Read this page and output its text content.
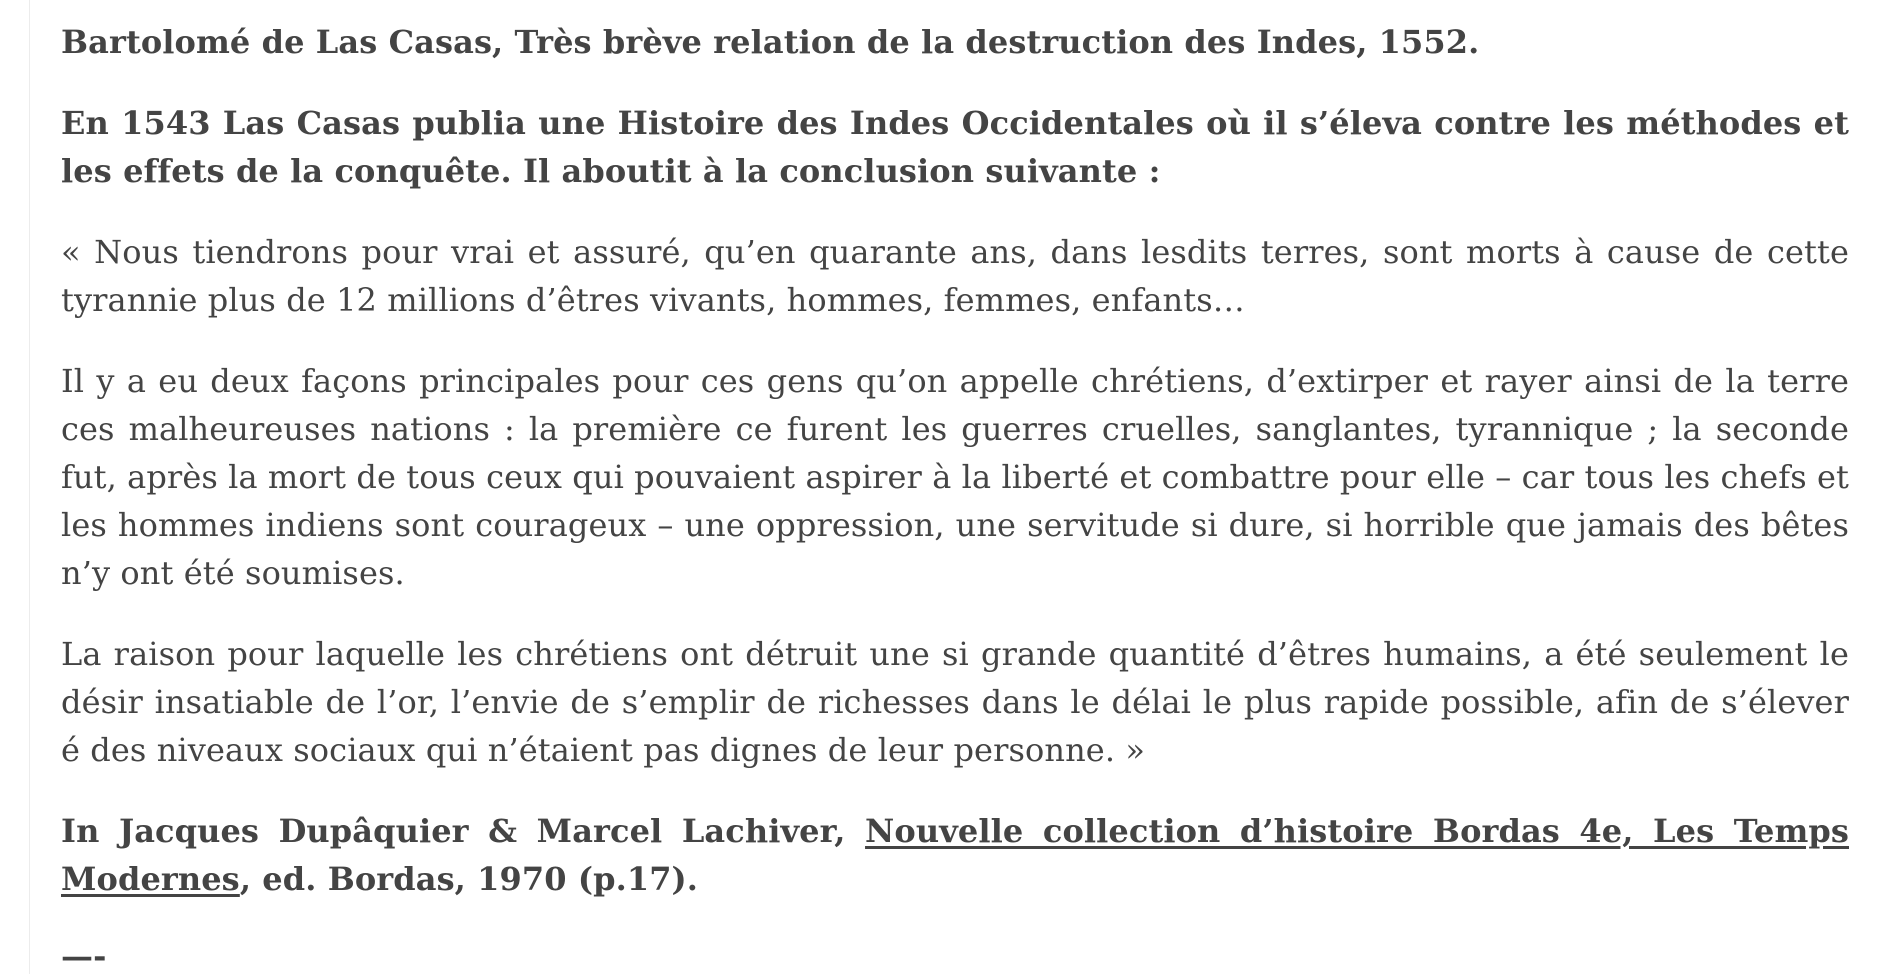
Bartolomé de Las Casas, Très brève relation de la destruction des Indes, 1552.

En 1543 Las Casas publia une Histoire des Indes Occidentales où il s’éleva contre les méthodes et les effets de la conquête. Il aboutit à la conclusion suivante :

« Nous tiendrons pour vrai et assuré, qu’en quarante ans, dans lesdits terres, sont morts à cause de cette tyrannie plus de 12 millions d’êtres vivants, hommes, femmes, enfants…

Il y a eu deux façons principales pour ces gens qu’on appelle chrétiens, d’extirper et rayer ainsi de la terre ces malheureuses nations : la première ce furent les guerres cruelles, sanglantes, tyrannique ; la seconde fut, après la mort de tous ceux qui pouvaient aspirer à la liberté et combattre pour elle – car tous les chefs et les hommes indiens sont courageux – une oppression, une servitude si dure, si horrible que jamais des bêtes n’y ont été soumises.

La raison pour laquelle les chrétiens ont détruit une si grande quantité d’êtres humains, a été seulement le désir insatiable de l’or, l’envie de s’emplir de richesses dans le délai le plus rapide possible, afin de s’élever é des niveaux sociaux qui n’étaient pas dignes de leur personne. »

In Jacques Dupâquier & Marcel Lachiver, Nouvelle collection d’histoire Bordas 4e, Les Temps Modernes, ed. Bordas, 1970 (p.17).

—-
